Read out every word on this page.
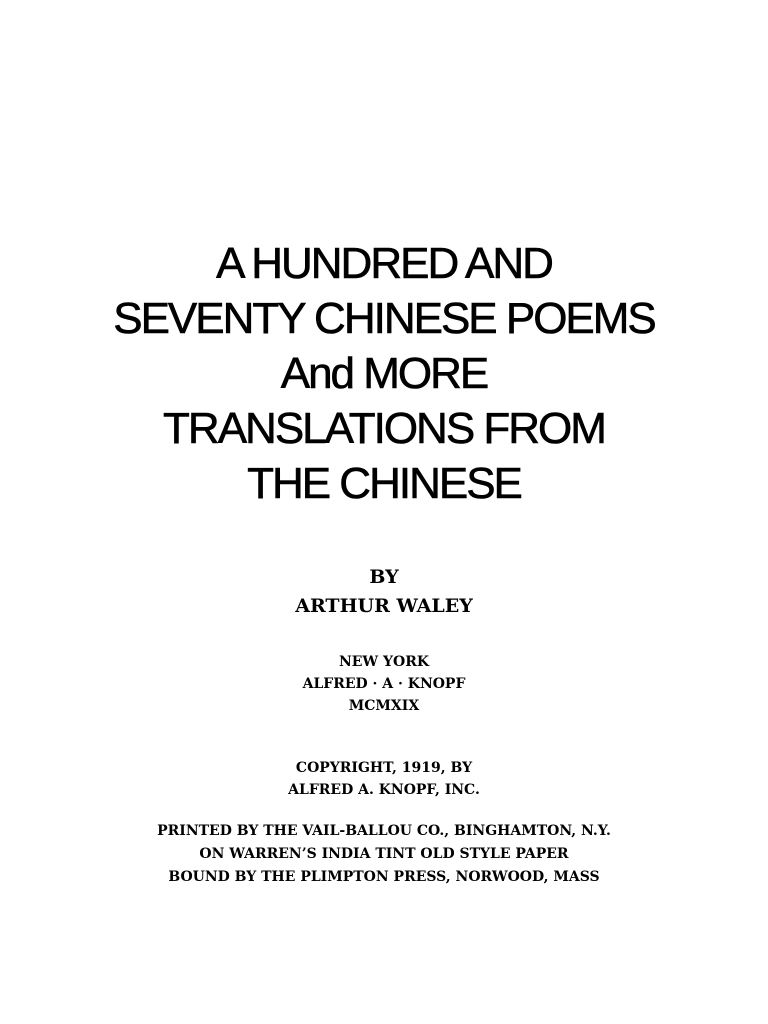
A HUNDRED AND
SEVENTY CHINESE POEMS
And MORE
TRANSLATIONS FROM
THE CHINESE
BY
ARTHUR WALEY
NEW YORK
ALFRED · A · KNOPF
MCMXIX
COPYRIGHT, 1919, BY
ALFRED A. KNOPF, INC.
PRINTED BY THE VAIL-BALLOU CO., BINGHAMTON, N.Y.
ON WARREN’S INDIA TINT OLD STYLE PAPER
BOUND BY THE PLIMPTON PRESS, NORWOOD, MASS
